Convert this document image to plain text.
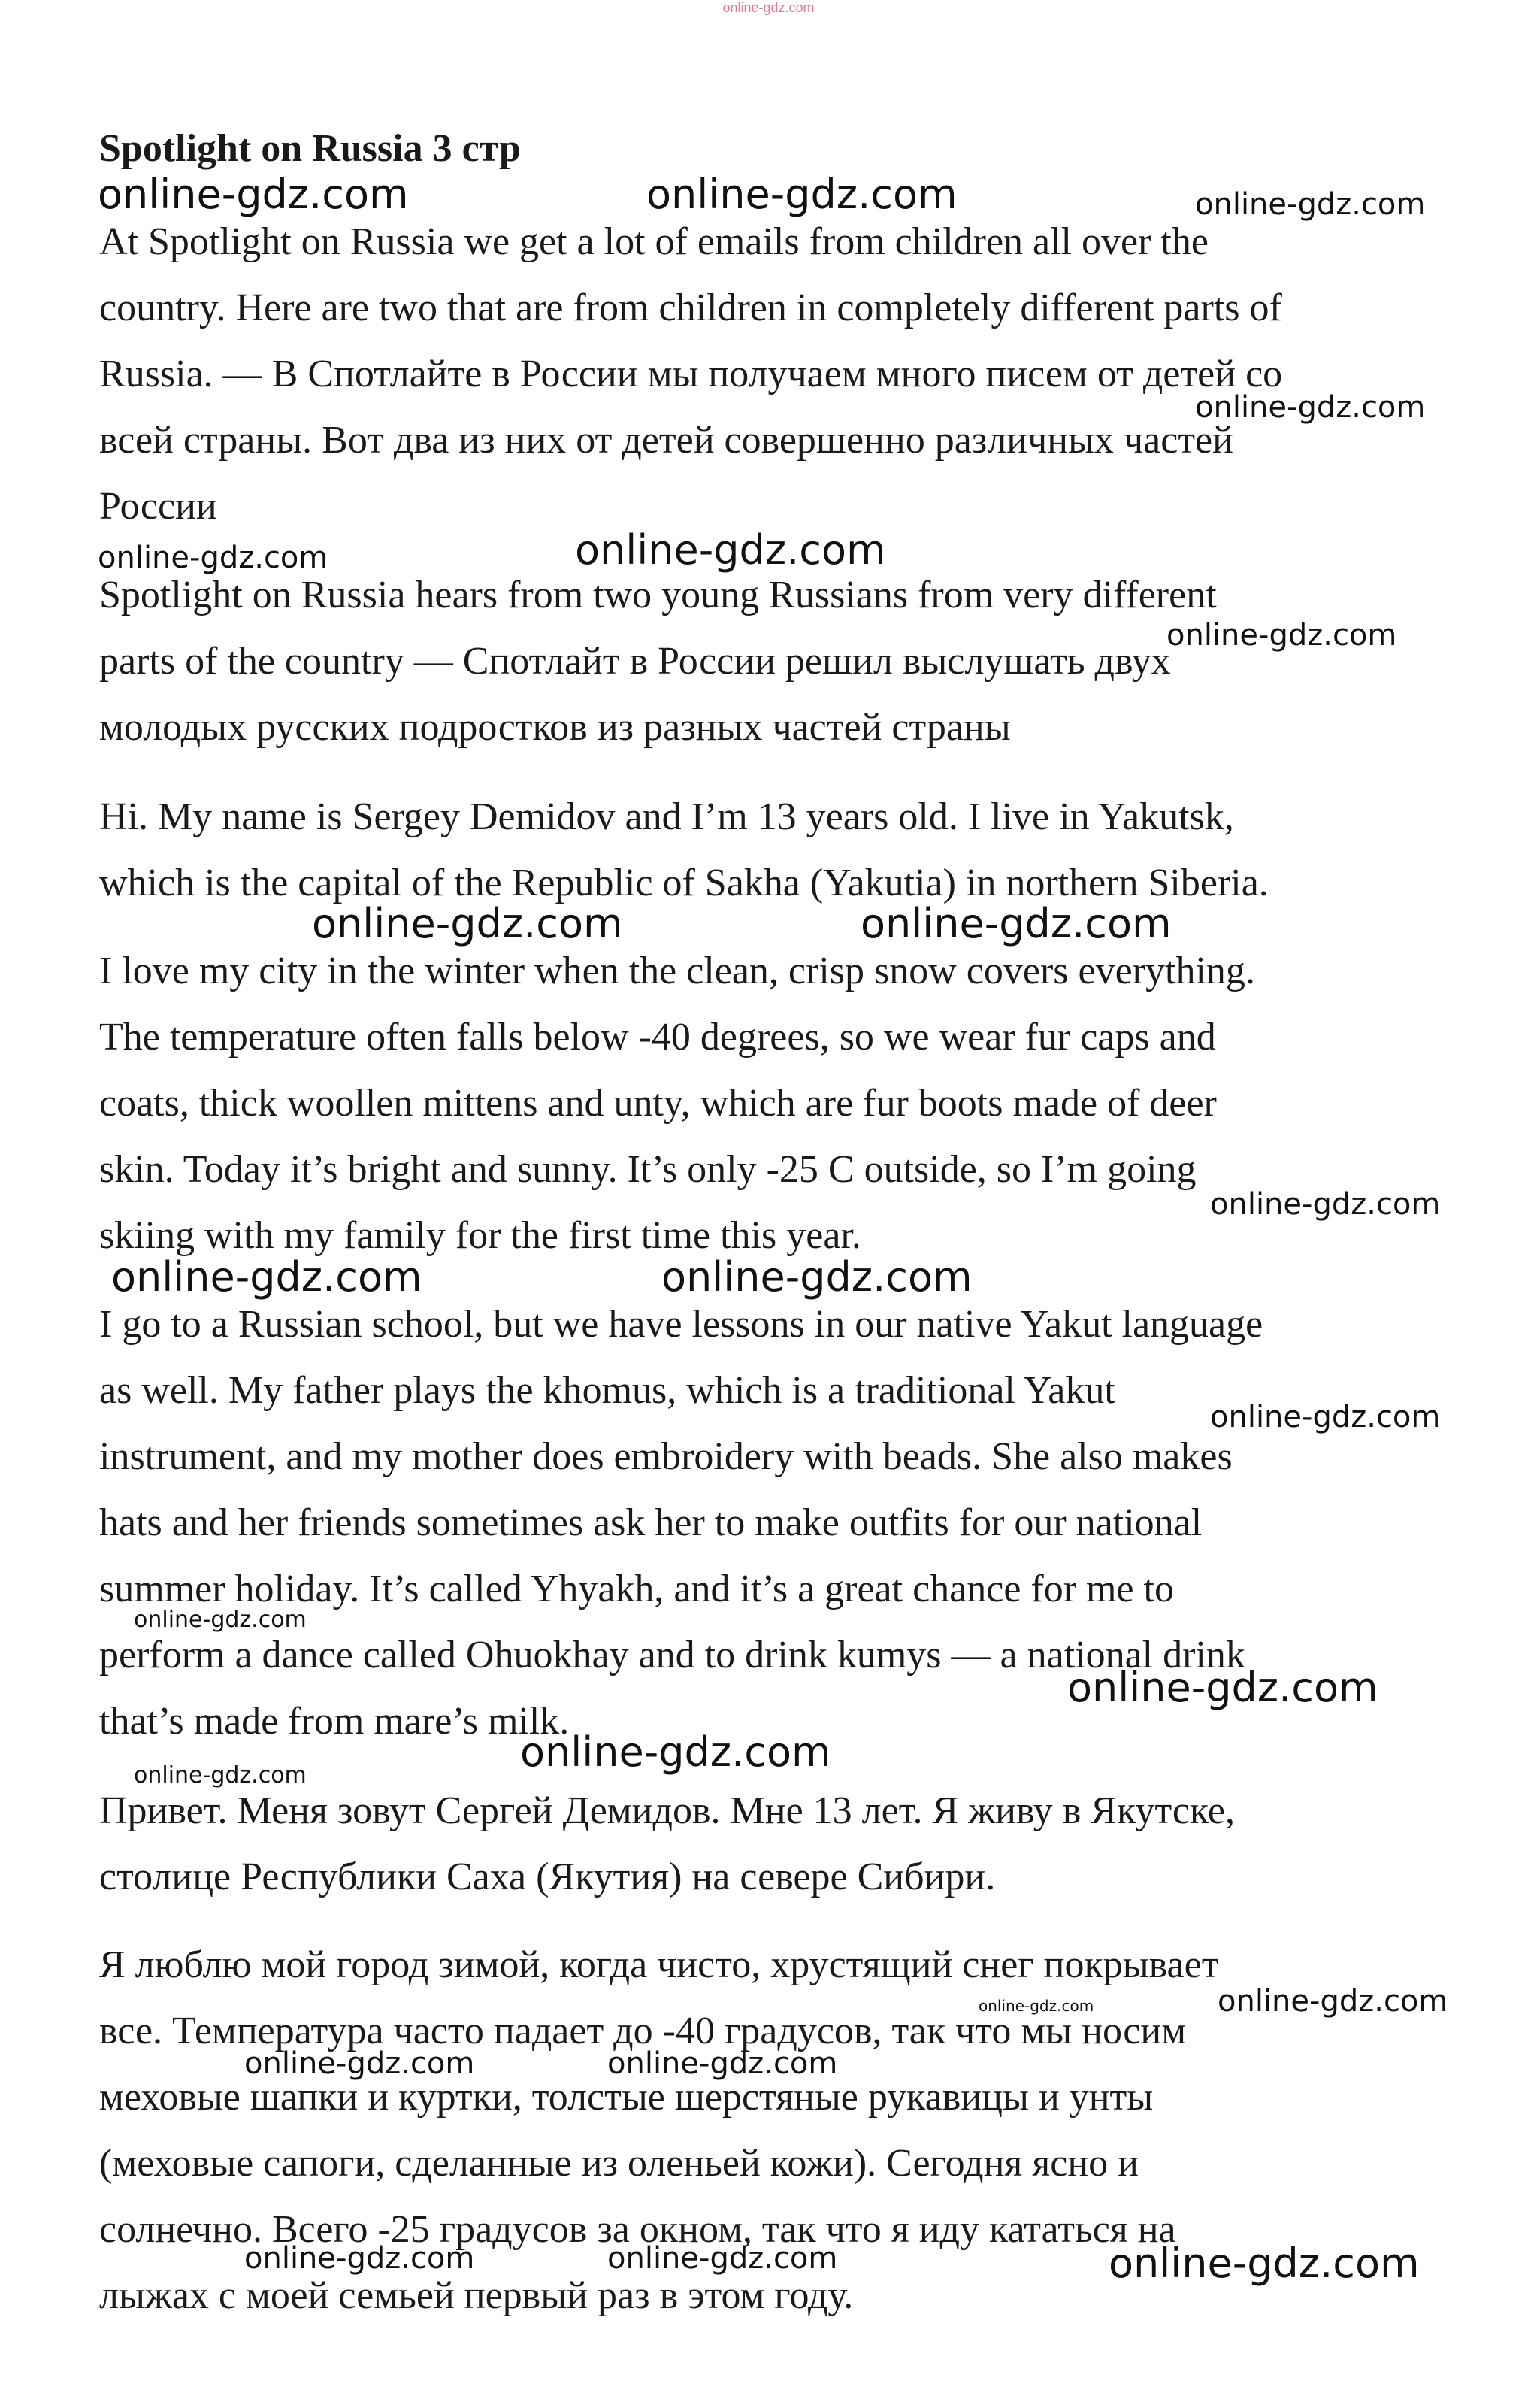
online-gdz.com
Spotlight on Russia 3 стр

At Spotlight on Russia we get a lot of emails from children all over the
country. Here are two that are from children in completely different parts of
Russia. — В Спотлайте в России мы получаем много писем от детей со
всей страны. Вот два из них от детей совершенно различных частей
России

Spotlight on Russia hears from two young Russians from very different
parts of the country — Спотлайт в России решил выслушать двух
молодых русских подростков из разных частей страны

Hi. My name is Sergey Demidov and I’m 13 years old. I live in Yakutsk,
which is the capital of the Republic of Sakha (Yakutia) in northern Siberia.

I love my city in the winter when the clean, crisp snow covers everything.
The temperature often falls below -40 degrees, so we wear fur caps and
coats, thick woollen mittens and unty, which are fur boots made of deer
skin. Today it’s bright and sunny. It’s only -25 C outside, so I’m going
skiing with my family for the first time this year.

I go to a Russian school, but we have lessons in our native Yakut language
as well. My father plays the khomus, which is a traditional Yakut
instrument, and my mother does embroidery with beads. She also makes
hats and her friends sometimes ask her to make outfits for our national
summer holiday. It’s called Yhyakh, and it’s a great chance for me to
perform a dance called Ohuokhay and to drink kumys — a national drink
that’s made from mare’s milk.

Привет. Меня зовут Сергей Демидов. Мне 13 лет. Я живу в Якутске,
столице Республики Саха (Якутия) на севере Сибири.

Я люблю мой город зимой, когда чисто, хрустящий снег покрывает
все. Температура часто падает до -40 градусов, так что мы носим
меховые шапки и куртки, толстые шерстяные рукавицы и унты
(меховые сапоги, сделанные из оленьей кожи). Сегодня ясно и
солнечно. Всего -25 градусов за окном, так что я иду кататься на
лыжах с моей семьей первый раз в этом году.

online-gdz.com	online-gdz.com	online-gdz.com
online-gdz.com
online-gdz.com	online-gdz.com
online-gdz.com
online-gdz.com	online-gdz.com
online-gdz.com
online-gdz.com	online-gdz.com
online-gdz.com
online-gdz.com
online-gdz.com
online-gdz.com
online-gdz.com
online-gdz.com	online-gdz.com
online-gdz.com	online-gdz.com
online-gdz.com	online-gdz.com	online-gdz.com
